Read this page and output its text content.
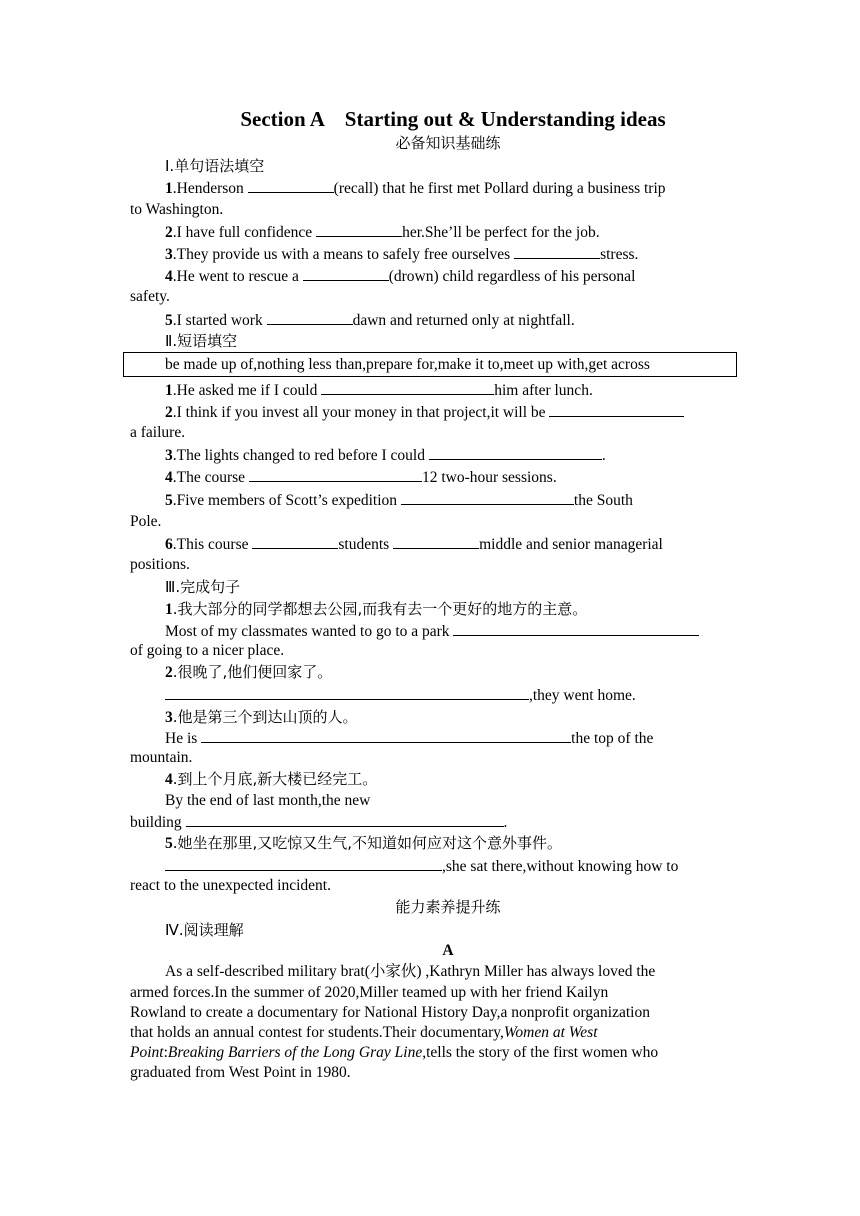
Section A　Starting out & Understanding ideas
必备知识基础练
Ⅰ.单句语法填空
1.Henderson	(recall) that he first met Pollard during a business trip
to Washington.
2.I have full confidence	her.She’ll be perfect for the job.
3.They provide us with a means to safely free ourselves	stress.
4.He went to rescue a	(drown) child regardless of his personal
safety.
5.I started work	dawn and returned only at nightfall.
Ⅱ.短语填空
be made up of,nothing less than,prepare for,make it to,meet up with,get across
1.He asked me if I could	him after lunch.
2.I think if you invest all your money in that project,it will be
a failure.
3.The lights changed to red before I could	.
4.The course	12 two-hour sessions.
5.Five members of Scott’s expedition	the South
Pole.
6.This course	students	middle and senior managerial
positions.
Ⅲ.完成句子
1.我大部分的同学都想去公园,而我有去一个更好的地方的主意。
Most of my classmates wanted to go to a park
of going to a nicer place.
2.很晚了,他们便回家了。
,they went home.
3.他是第三个到达山顶的人。
He is	the top of the
mountain.
4.到上个月底,新大楼已经完工。
By the end of last month,the new
building	.
5.她坐在那里,又吃惊又生气,不知道如何应对这个意外事件。
,she sat there,without knowing how to
react to the unexpected incident.
能力素养提升练
Ⅳ.阅读理解
A
As a self-described military brat(小家伙) ,Kathryn Miller has always loved the
armed forces.In the summer of 2020,Miller teamed up with her friend Kailyn
Rowland to create a documentary for National History Day,a nonprofit organization
that holds an annual contest for students.Their documentary,Women at West
Point:Breaking Barriers of the Long Gray Line,tells the story of the first women who
graduated from West Point in 1980.
